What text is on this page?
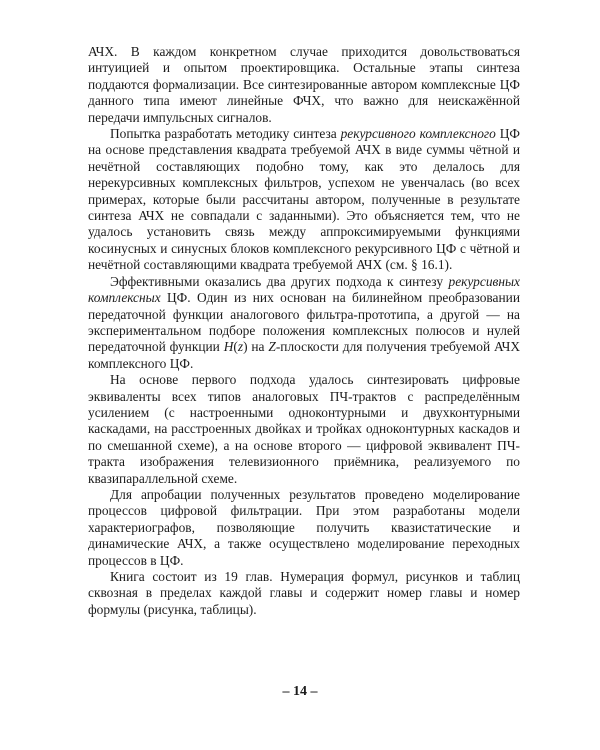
АЧХ. В каждом конкретном случае приходится довольствоваться интуицией и опытом проектировщика. Остальные этапы синтеза поддаются формализации. Все синтезированные автором комплексные ЦФ данного типа имеют линейные ФЧХ, что важно для неискажённой передачи импульсных сигналов.

Попытка разработать методику синтеза рекурсивного комплексного ЦФ на основе представления квадрата требуемой АЧХ в виде суммы чётной и нечётной составляющих подобно тому, как это делалось для нерекурсивных комплексных фильтров, успехом не увенчалась (во всех примерах, которые были рассчитаны автором, полученные в результате синтеза АЧХ не совпадали с заданными). Это объясняется тем, что не удалось установить связь между аппроксимируемыми функциями косинусных и синусных блоков комплексного рекурсивного ЦФ с чётной и нечётной составляющими квадрата требуемой АЧХ (см. § 16.1).

Эффективными оказались два других подхода к синтезу рекурсивных комплексных ЦФ. Один из них основан на билинейном преобразовании передаточной функции аналогового фильтра-прототипа, а другой — на экспериментальном подборе положения комплексных полюсов и нулей передаточной функции H(z) на Z-плоскости для получения требуемой АЧХ комплексного ЦФ.

На основе первого подхода удалось синтезировать цифровые эквиваленты всех типов аналоговых ПЧ-трактов с распределённым усилением (с настроенными одноконтурными и двухконтурными каскадами, на расстроенных двойках и тройках одноконтурных каскадов и по смешанной схеме), а на основе второго — цифровой эквивалент ПЧ-тракта изображения телевизионного приёмника, реализуемого по квазипараллельной схеме.

Для апробации полученных результатов проведено моделирование процессов цифровой фильтрации. При этом разработаны модели характериографов, позволяющие получить квазистатические и динамические АЧХ, а также осуществлено моделирование переходных процессов в ЦФ.

Книга состоит из 19 глав. Нумерация формул, рисунков и таблиц сквозная в пределах каждой главы и содержит номер главы и номер формулы (рисунка, таблицы).

– 14 –
